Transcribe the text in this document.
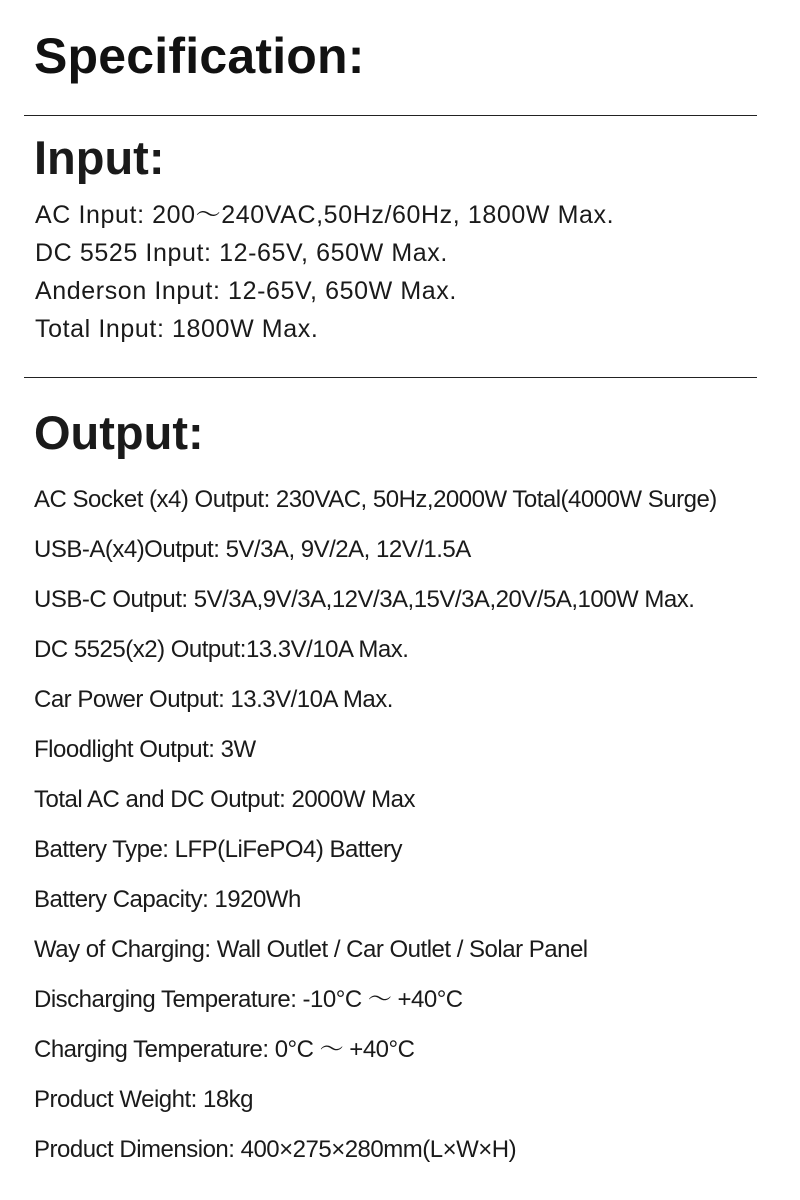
Specification:
Input:
AC Input: 200～240VAC,50Hz/60Hz, 1800W Max.
DC 5525 Input: 12-65V, 650W Max.
Anderson Input: 12-65V, 650W Max.
Total Input: 1800W Max.
Output:
AC Socket (x4) Output: 230VAC, 50Hz,2000W Total(4000W Surge)
USB-A(x4)Output: 5V/3A, 9V/2A, 12V/1.5A
USB-C Output: 5V/3A,9V/3A,12V/3A,15V/3A,20V/5A,100W Max.
DC 5525(x2) Output:13.3V/10A Max.
Car Power Output: 13.3V/10A Max.
Floodlight Output: 3W
Total AC and DC Output: 2000W Max
Battery Type: LFP(LiFePO4) Battery
Battery Capacity: 1920Wh
Way of Charging: Wall Outlet / Car Outlet / Solar Panel
Discharging Temperature: -10°C ～ +40°C
Charging Temperature: 0°C ～ +40°C
Product Weight: 18kg
Product Dimension: 400×275×280mm(L×W×H)
